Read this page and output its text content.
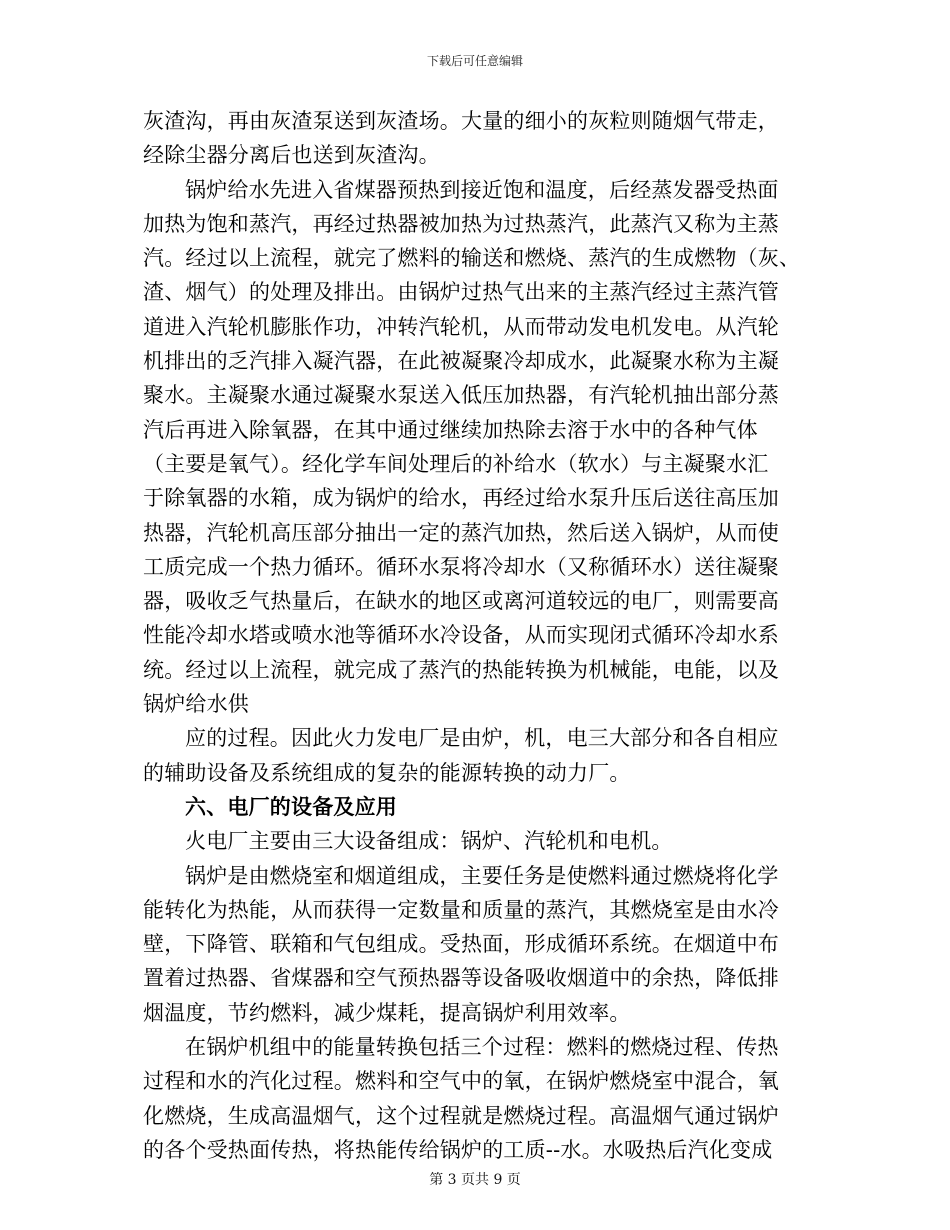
下载后可任意编辑
灰渣沟，再由灰渣泵送到灰渣场。大量的细小的灰粒则随烟气带走，
经除尘器分离后也送到灰渣沟。
锅炉给水先进入省煤器预热到接近饱和温度，后经蒸发器受热面
加热为饱和蒸汽，再经过热器被加热为过热蒸汽，此蒸汽又称为主蒸
汽。经过以上流程，就完了燃料的输送和燃烧、蒸汽的生成燃物（灰、
渣、烟气）的处理及排出。由锅炉过热气出来的主蒸汽经过主蒸汽管
道进入汽轮机膨胀作功，冲转汽轮机，从而带动发电机发电。从汽轮
机排出的乏汽排入凝汽器，在此被凝聚冷却成水，此凝聚水称为主凝
聚水。主凝聚水通过凝聚水泵送入低压加热器，有汽轮机抽出部分蒸
汽后再进入除氧器，在其中通过继续加热除去溶于水中的各种气体
（主要是氧气）。经化学车间处理后的补给水（软水）与主凝聚水汇
于除氧器的水箱，成为锅炉的给水，再经过给水泵升压后送往高压加
热器，汽轮机高压部分抽出一定的蒸汽加热，然后送入锅炉，从而使
工质完成一个热力循环。循环水泵将冷却水（又称循环水）送往凝聚
器，吸收乏气热量后，在缺水的地区或离河道较远的电厂，则需要高
性能冷却水塔或喷水池等循环水冷设备，从而实现闭式循环冷却水系
统。经过以上流程，就完成了蒸汽的热能转换为机械能，电能，以及
锅炉给水供
应的过程。因此火力发电厂是由炉，机，电三大部分和各自相应
的辅助设备及系统组成的复杂的能源转换的动力厂。
六、电厂的设备及应用
火电厂主要由三大设备组成：锅炉、汽轮机和电机。
锅炉是由燃烧室和烟道组成，主要任务是使燃料通过燃烧将化学
能转化为热能，从而获得一定数量和质量的蒸汽，其燃烧室是由水冷
壁，下降管、联箱和气包组成。受热面，形成循环系统。在烟道中布
置着过热器、省煤器和空气预热器等设备吸收烟道中的余热，降低排
烟温度，节约燃料，减少煤耗，提高锅炉利用效率。
在锅炉机组中的能量转换包括三个过程：燃料的燃烧过程、传热
过程和水的汽化过程。燃料和空气中的氧，在锅炉燃烧室中混合，氧
化燃烧，生成高温烟气，这个过程就是燃烧过程。高温烟气通过锅炉
的各个受热面传热，将热能传给锅炉的工质--水。水吸热后汽化变成
第 3 页共 9 页
